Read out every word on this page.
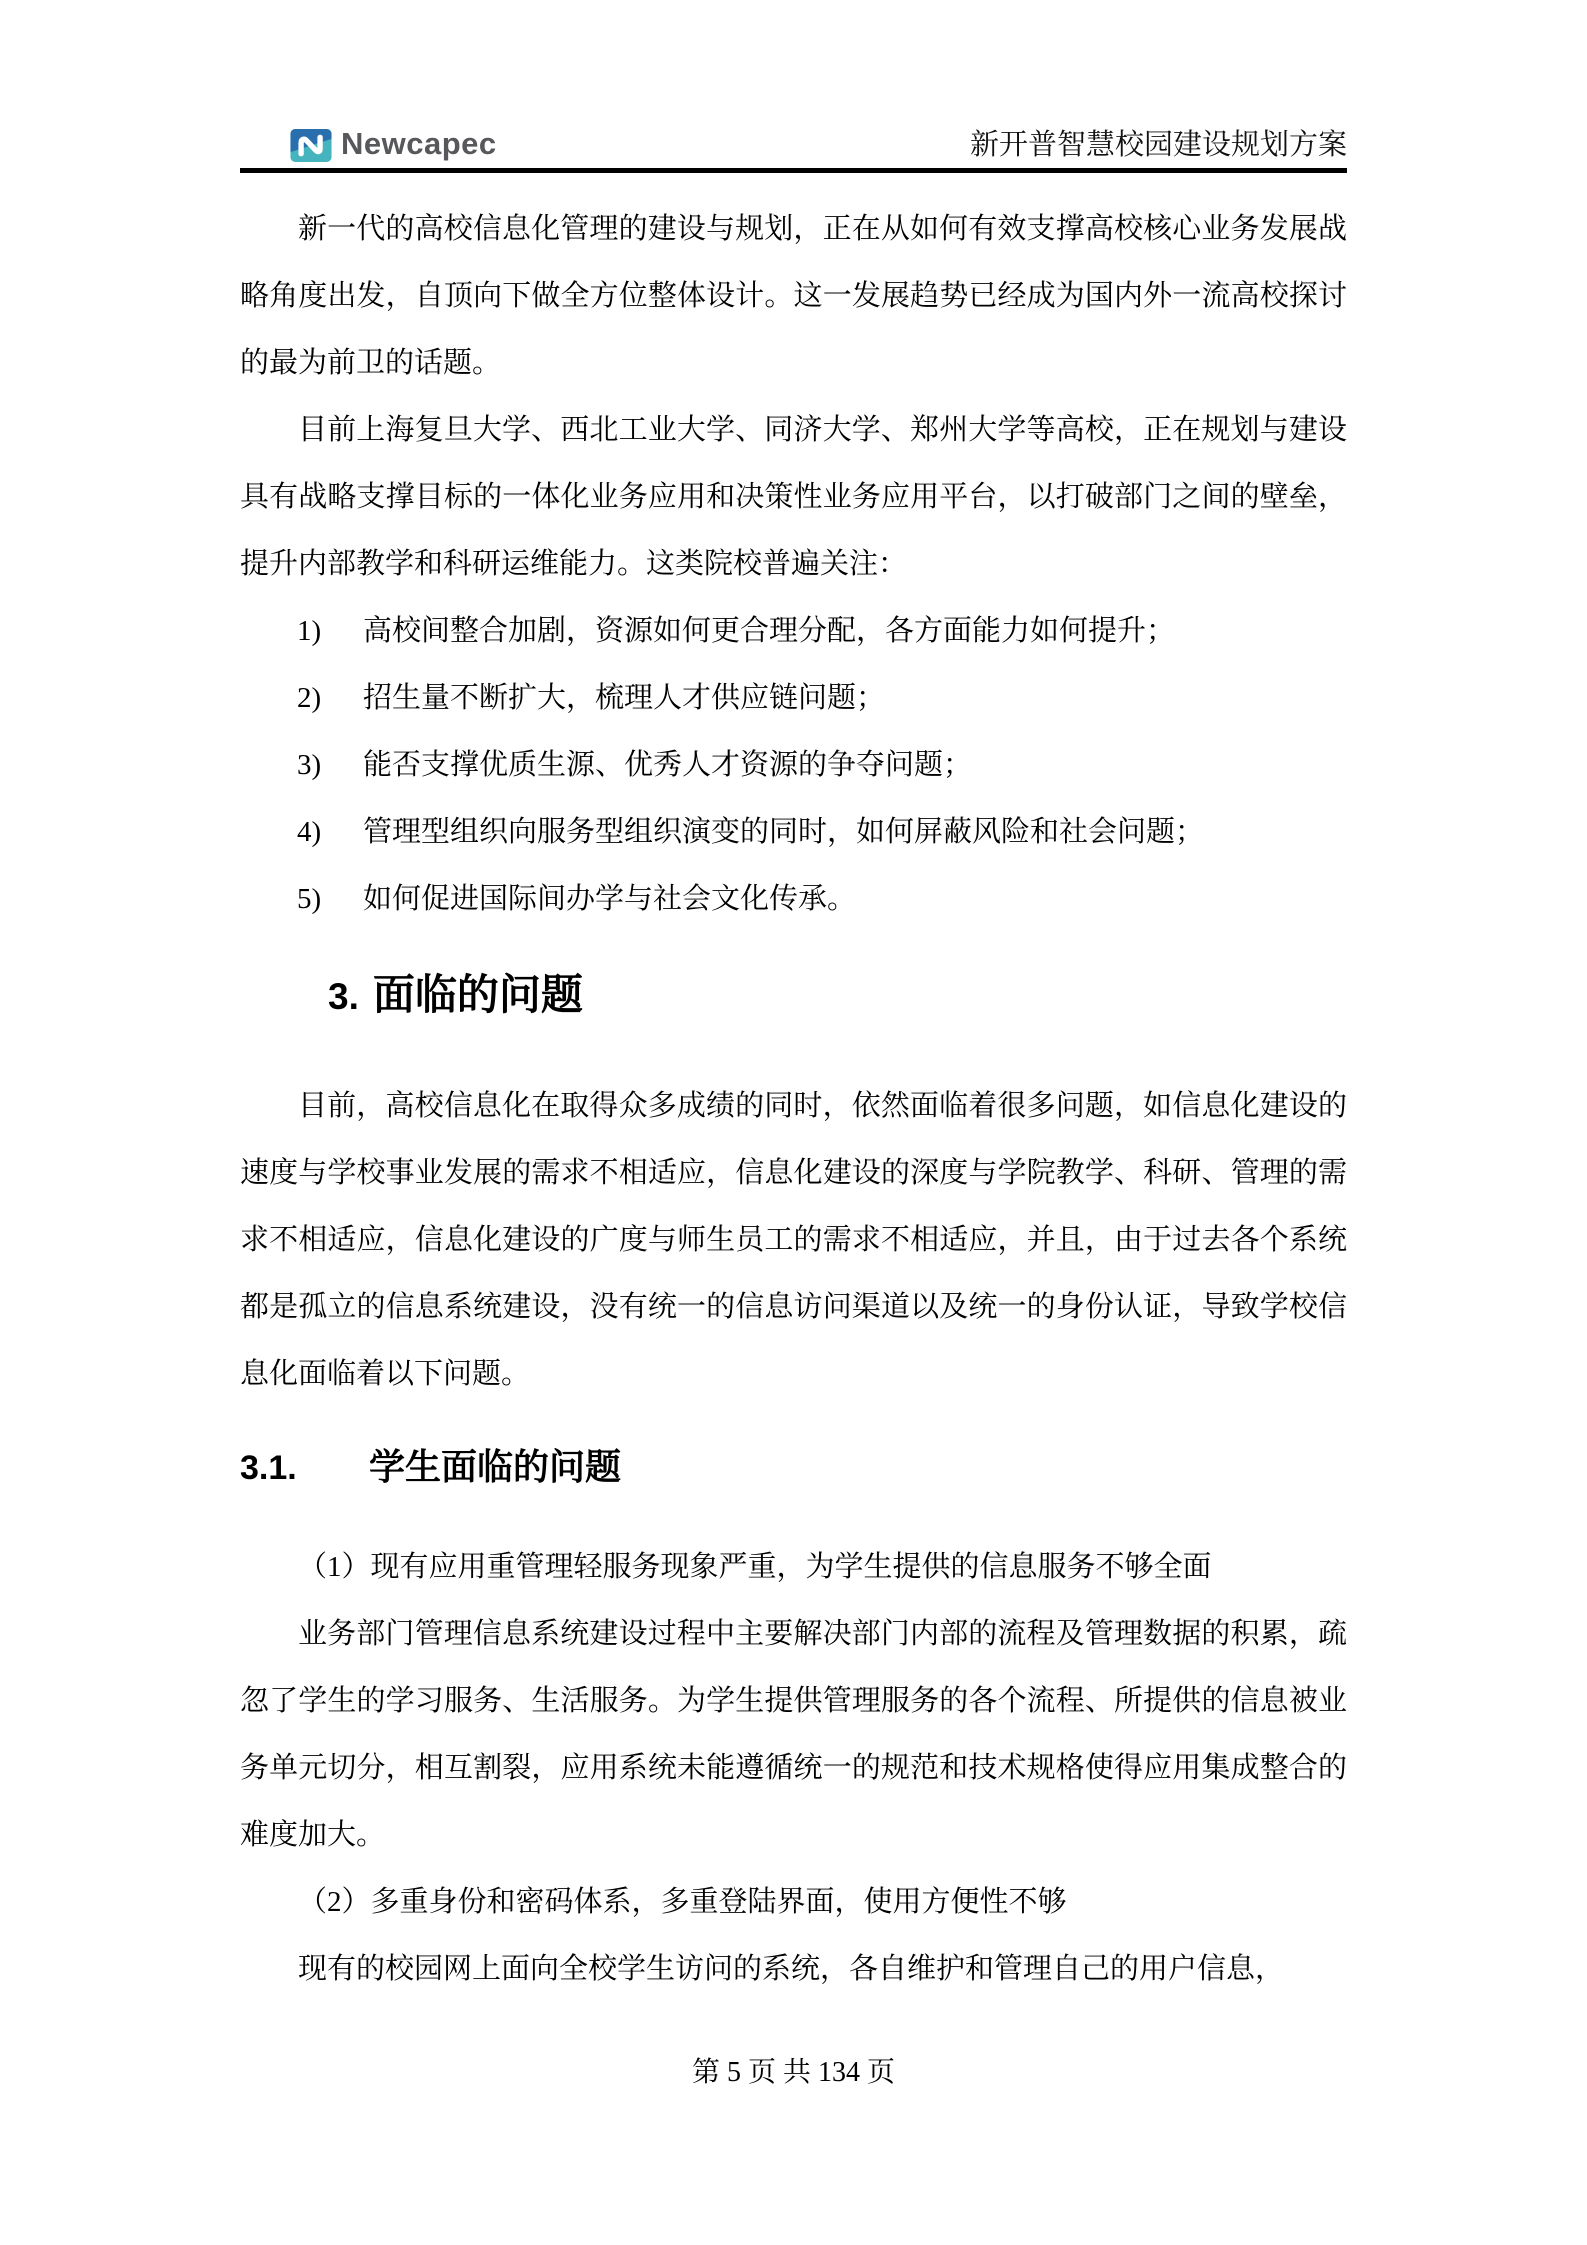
Newcapec	新开普智慧校园建设规划方案

新一代的高校信息化管理的建设与规划，正在从如何有效支撑高校核心业务发展战略角度出发，自顶向下做全方位整体设计。这一发展趋势已经成为国内外一流高校探讨的最为前卫的话题。

目前上海复旦大学、西北工业大学、同济大学、郑州大学等高校，正在规划与建设具有战略支撑目标的一体化业务应用和决策性业务应用平台，以打破部门之间的壁垒，提升内部教学和科研运维能力。这类院校普遍关注：

1)	高校间整合加剧，资源如何更合理分配，各方面能力如何提升；
2)	招生量不断扩大，梳理人才供应链问题；
3)	能否支撑优质生源、优秀人才资源的争夺问题；
4)	管理型组织向服务型组织演变的同时，如何屏蔽风险和社会问题；
5)	如何促进国际间办学与社会文化传承。
3. 面临的问题

目前，高校信息化在取得众多成绩的同时，依然面临着很多问题，如信息化建设的速度与学校事业发展的需求不相适应，信息化建设的深度与学院教学、科研、管理的需求不相适应，信息化建设的广度与师生员工的需求不相适应，并且，由于过去各个系统都是孤立的信息系统建设，没有统一的信息访问渠道以及统一的身份认证，导致学校信息化面临着以下问题。

3.1. 学生面临的问题

（1）现有应用重管理轻服务现象严重，为学生提供的信息服务不够全面

业务部门管理信息系统建设过程中主要解决部门内部的流程及管理数据的积累，疏忽了学生的学习服务、生活服务。为学生提供管理服务的各个流程、所提供的信息被业务单元切分，相互割裂，应用系统未能遵循统一的规范和技术规格使得应用集成整合的难度加大。

（2）多重身份和密码体系，多重登陆界面，使用方便性不够

现有的校园网上面向全校学生访问的系统，各自维护和管理自己的用户信息，

第 5 页 共 134 页
